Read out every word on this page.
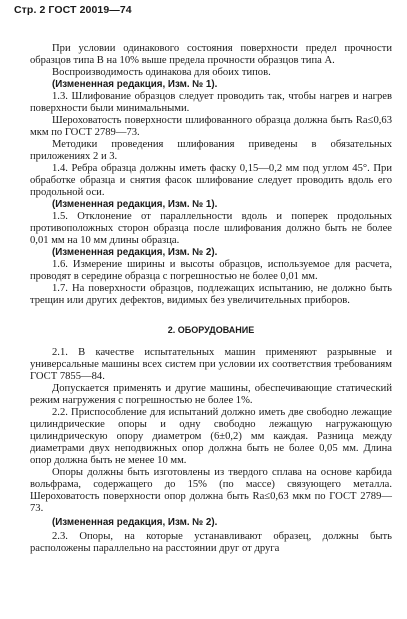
Стр. 2 ГОСТ 20019—74

При условии одинакового состояния поверхности предел прочности образцов типа В на 10% выше предела прочности образцов типа А.

Воспроизводимость одинакова для обоих типов.

(Измененная редакция, Изм. № 1).

1.3. Шлифование образцов следует проводить так, чтобы нагрев и нагрев поверхности были минимальными.

Шероховатость поверхности шлифованного образца должна быть Ra≤0,63 мкм по ГОСТ 2789—73.

Методики проведения шлифования приведены в обязательных приложениях 2 и 3.

1.4. Ребра образца должны иметь фаску 0,15—0,2 мм под углом 45°. При обработке образца и снятия фасок шлифование следует проводить вдоль его продольной оси.

(Измененная редакция, Изм. № 1).

1.5. Отклонение от параллельности вдоль и поперек продольных противоположных сторон образца после шлифования должно быть не более 0,01 мм на 10 мм длины образца.

(Измененная редакция, Изм. № 2).

1.6. Измерение ширины и высоты образцов, используемое для расчета, проводят в середине образца с погрешностью не более 0,01 мм.

1.7. На поверхности образцов, подлежащих испытанию, не должно быть трещин или других дефектов, видимых без увеличительных приборов.

2. ОБОРУДОВАНИЕ

2.1. В качестве испытательных машин применяют разрывные и универсальные машины всех систем при условии их соответствия требованиям ГОСТ 7855—84.

Допускается применять и другие машины, обеспечивающие статический режим нагружения с погрешностью не более 1%.

2.2. Приспособление для испытаний должно иметь две свободно лежащие цилиндрические опоры и одну свободно лежащую нагружающую цилиндрическую опору диаметром (6±0,2) мм каждая. Разница между диаметрами двух неподвижных опор должна быть не более 0,05 мм. Длина опор должна быть не менее 10 мм.

Опоры должны быть изготовлены из твердого сплава на основе карбида вольфрама, содержащего до 15% (по массе) связующего металла. Шероховатость поверхности опор должна быть Ra≤0,63 мкм по ГОСТ 2789—73.

(Измененная редакция, Изм. № 2).

2.3. Опоры, на которые устанавливают образец, должны быть расположены параллельно на расстоянии друг от друга
